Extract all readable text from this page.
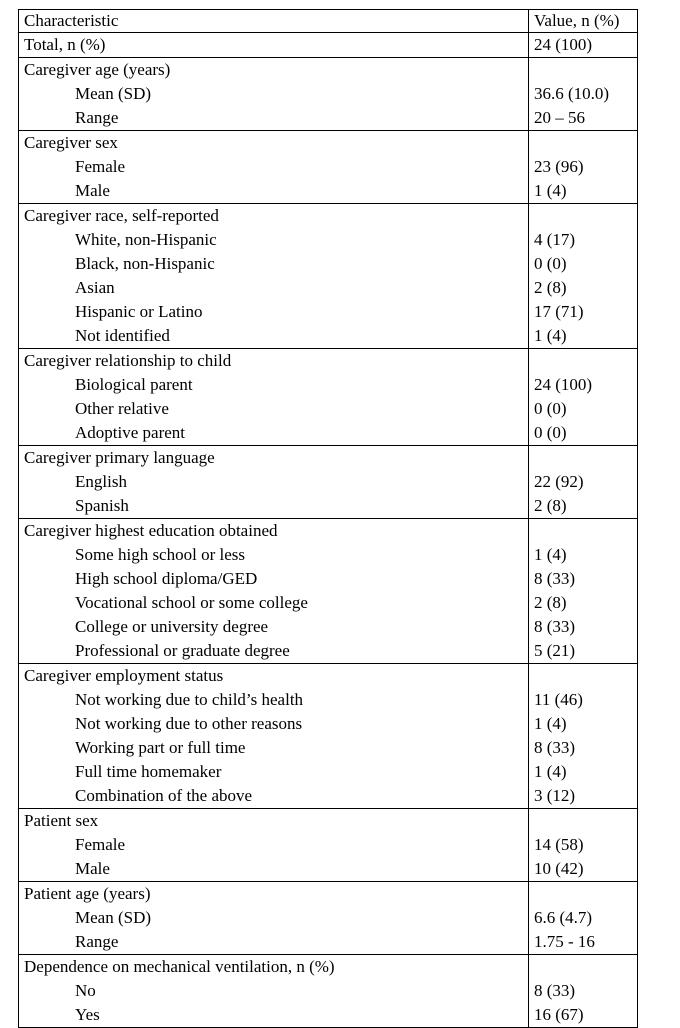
Characteristic	Value, n (%)
Total, n (%)	24 (100)
Caregiver age (years)
Mean (SD)
Range
36.6 (10.0)
20 – 56
Caregiver sex
Female
Male
23 (96)
1 (4)
Caregiver race, self-reported
White, non-Hispanic
Black, non-Hispanic
Asian
Hispanic or Latino
Not identified
4 (17)
0 (0)
2 (8)
17 (71)
1 (4)
Caregiver relationship to child
Biological parent
Other relative
Adoptive parent
24 (100)
0 (0)
0 (0)
Caregiver primary language
English
Spanish
22 (92)
2 (8)
Caregiver highest education obtained
Some high school or less
High school diploma/GED
Vocational school or some college
College or university degree
Professional or graduate degree
1 (4)
8 (33)
2 (8)
8 (33)
5 (21)
Caregiver employment status
Not working due to child’s health
Not working due to other reasons
Working part or full time
Full time homemaker
Combination of the above
11 (46)
1 (4)
8 (33)
1 (4)
3 (12)
Patient sex
Female
Male
14 (58)
10 (42)
Patient age (years)
Mean (SD)
Range
6.6 (4.7)
1.75 - 16
Dependence on mechanical ventilation, n (%)
No
Yes
8 (33)
16 (67)
